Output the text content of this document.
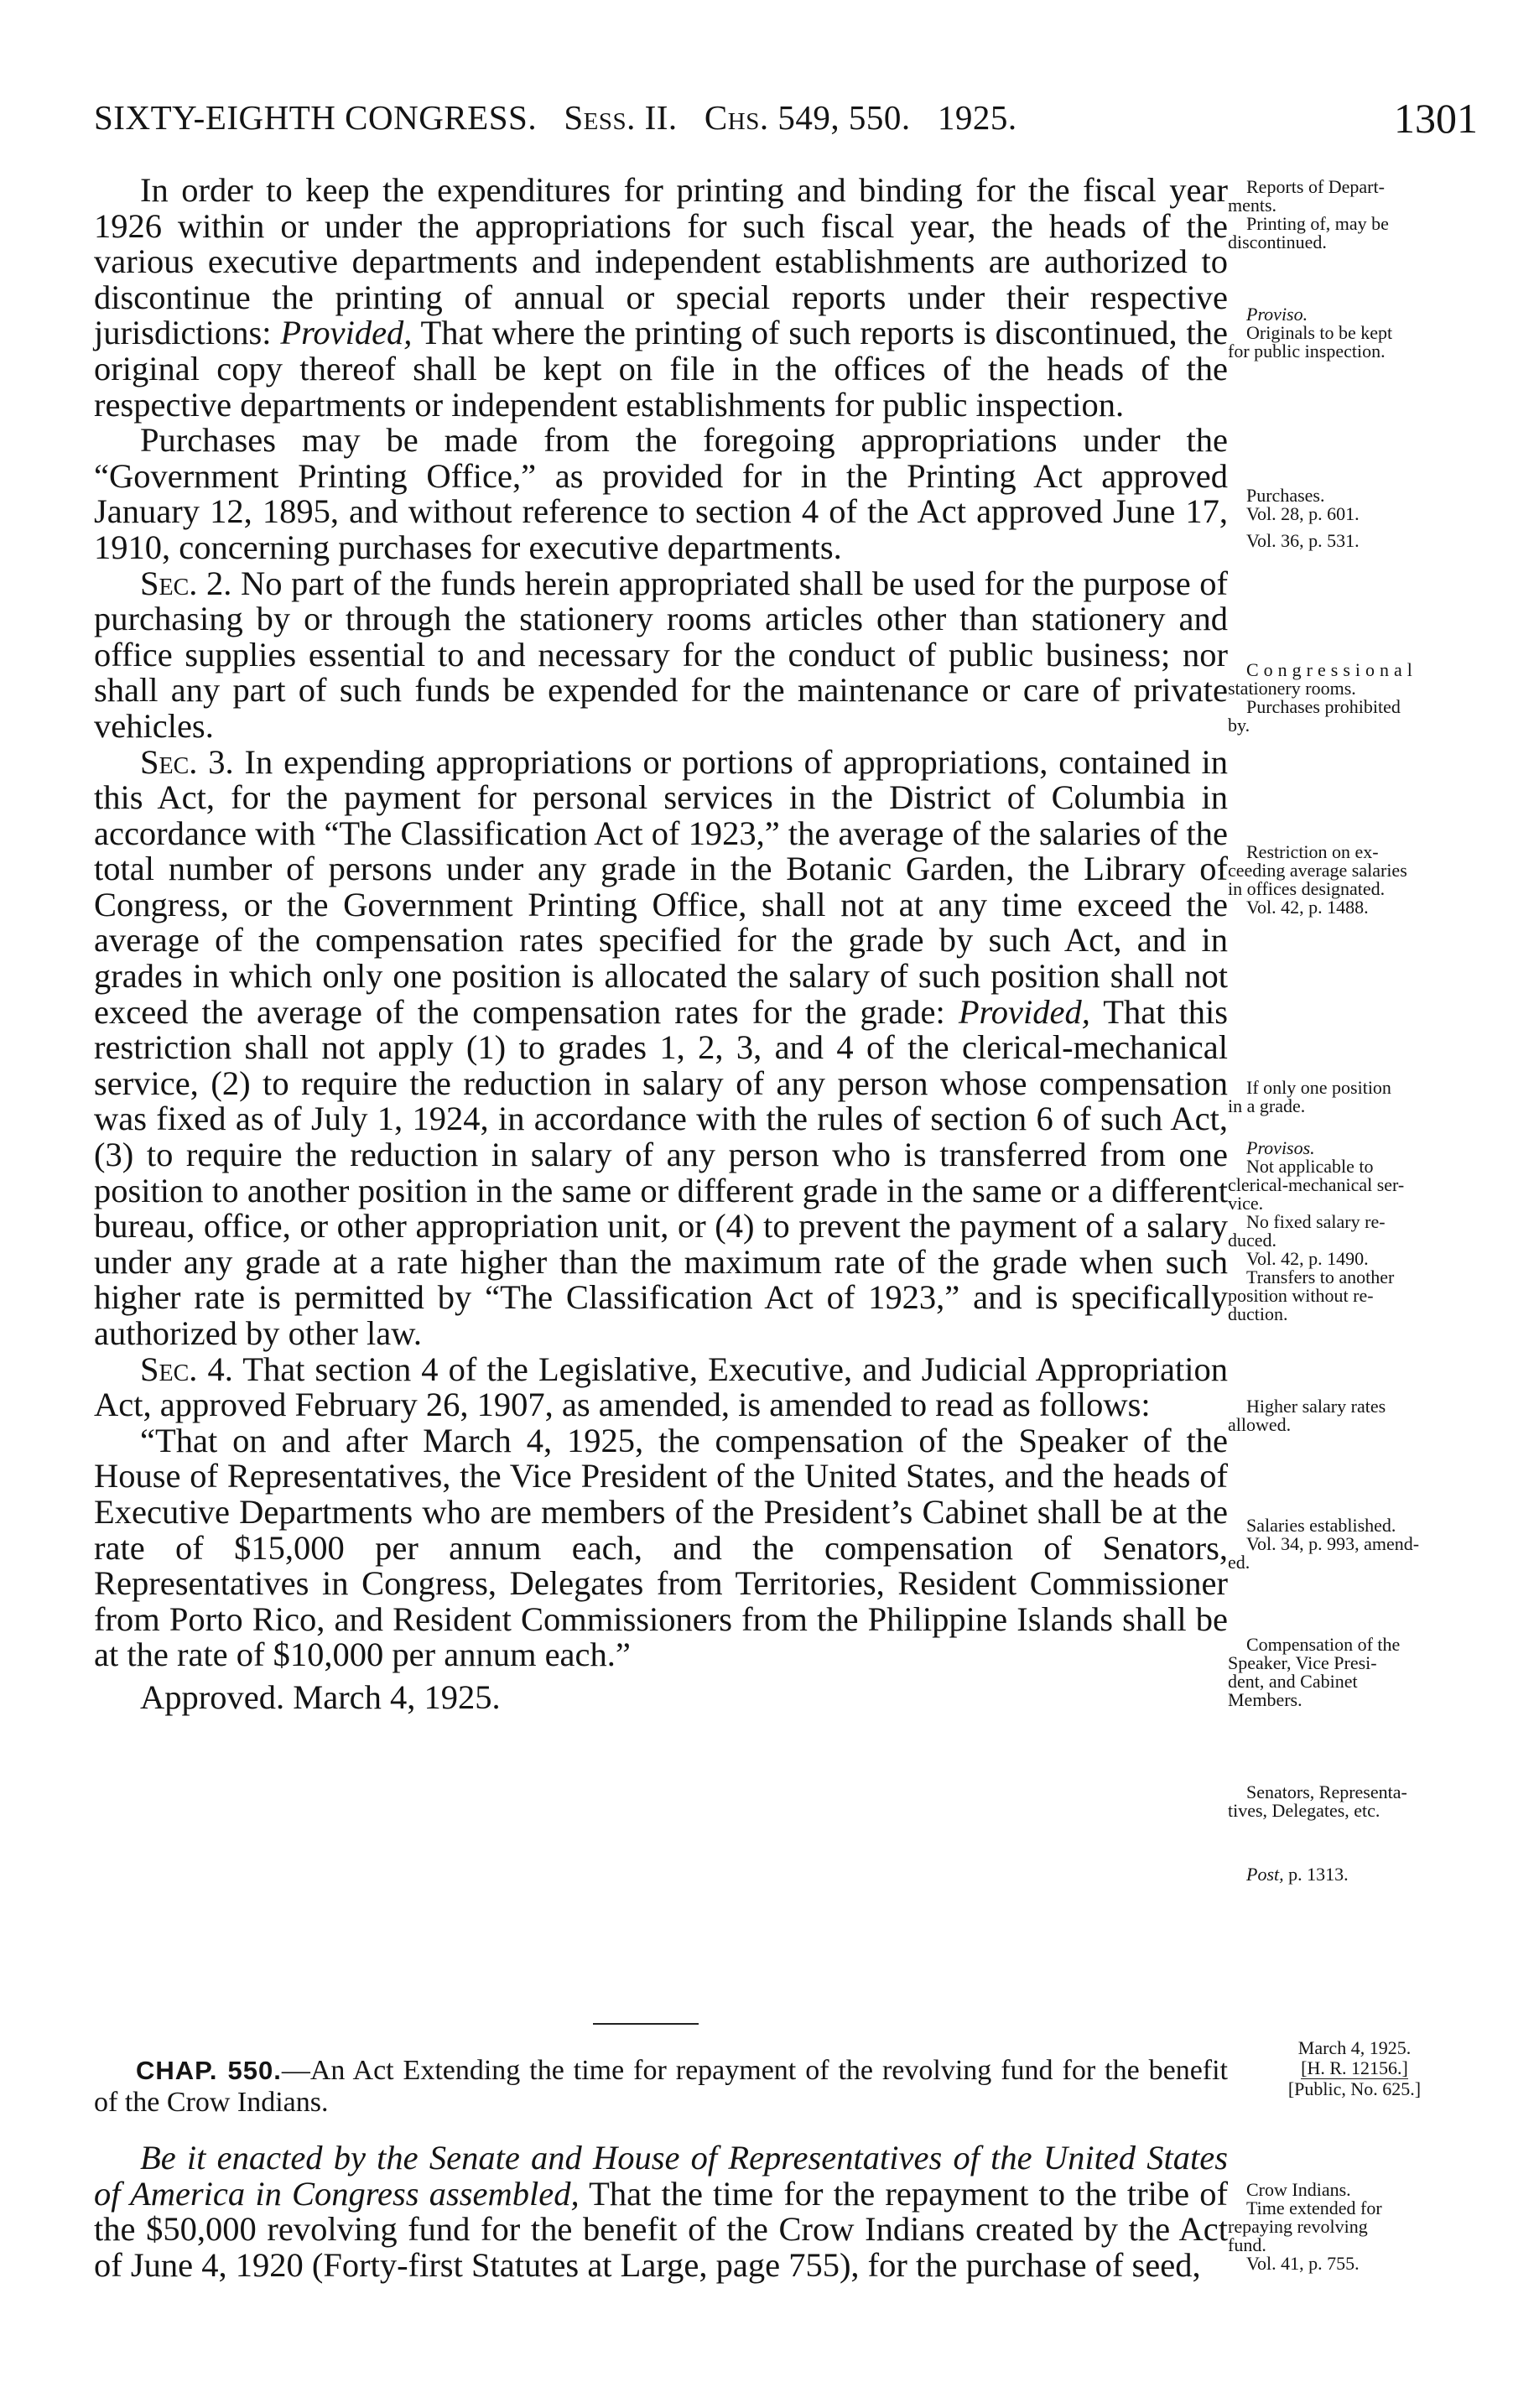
SIXTY-EIGHTH CONGRESS. Sess. II. Chs. 549, 550. 1925.	1301

In order to keep the expenditures for printing and binding for the fiscal year 1926 within or under the appropriations for such fiscal year, the heads of the various executive departments and independent establishments are authorized to discontinue the printing of annual or special reports under their respective jurisdictions: Provided, That where the printing of such reports is discontinued, the original copy thereof shall be kept on file in the offices of the heads of the respective departments or independent establishments for public inspection.

Purchases may be made from the foregoing appropriations under the “Government Printing Office,” as provided for in the Printing Act approved January 12, 1895, and without reference to section 4 of the Act approved June 17, 1910, concerning purchases for executive departments.

Sec. 2. No part of the funds herein appropriated shall be used for the purpose of purchasing by or through the stationery rooms articles other than stationery and office supplies essential to and necessary for the conduct of public business; nor shall any part of such funds be expended for the maintenance or care of private vehicles.

Sec. 3. In expending appropriations or portions of appropriations, contained in this Act, for the payment for personal services in the District of Columbia in accordance with “The Classification Act of 1923,” the average of the salaries of the total number of persons under any grade in the Botanic Garden, the Library of Congress, or the Government Printing Office, shall not at any time exceed the average of the compensation rates specified for the grade by such Act, and in grades in which only one position is allocated the salary of such position shall not exceed the average of the compensation rates for the grade: Provided, That this restriction shall not apply (1) to grades 1, 2, 3, and 4 of the clerical-mechanical service, (2) to require the reduction in salary of any person whose compensation was fixed as of July 1, 1924, in accordance with the rules of section 6 of such Act, (3) to require the reduction in salary of any person who is transferred from one position to another position in the same or different grade in the same or a different bureau, office, or other appropriation unit, or (4) to prevent the payment of a salary under any grade at a rate higher than the maximum rate of the grade when such higher rate is permitted by “The Classification Act of 1923,” and is specifically authorized by other law.

Sec. 4. That section 4 of the Legislative, Executive, and Judicial Appropriation Act, approved February 26, 1907, as amended, is amended to read as follows:

“That on and after March 4, 1925, the compensation of the Speaker of the House of Representatives, the Vice President of the United States, and the heads of Executive Departments who are members of the President’s Cabinet shall be at the rate of $15,000 per annum each, and the compensation of Senators, Representatives in Congress, Delegates from Territories, Resident Commissioner from Porto Rico, and Resident Commissioners from the Philippine Islands shall be at the rate of $10,000 per annum each.”

Approved. March 4, 1925.

March 4, 1925.
[H. R. 12156.]
[Public, No. 625.]

CHAP. 550.—An Act Extending the time for repayment of the revolving fund for the benefit of the Crow Indians.

Be it enacted by the Senate and House of Representatives of the United States of America in Congress assembled, That the time for the repayment to the tribe of the $50,000 revolving fund for the benefit of the Crow Indians created by the Act of June 4, 1920 (Forty-first Statutes at Large, page 755), for the purchase of seed,

Reports of Depart-
ments.
Printing of, may be
discontinued.
Proviso.
Originals to be kept
for public inspection.
Purchases.
Vol. 28, p. 601.
Vol. 36, p. 531.
Congressional
stationery rooms.
Purchases prohibited
by.
Restriction on ex-
ceeding average salaries
in offices designated.
Vol. 42, p. 1488.
If only one position
in a grade.
Provisos.
Not applicable to
clerical-mechanical ser-
vice.
No fixed salary re-
duced.
Vol. 42, p. 1490.
Transfers to another
position without re-
duction.
Higher salary rates
allowed.
Salaries established.
Vol. 34, p. 993, amend-
ed.
Compensation of the
Speaker, Vice Presi-
dent, and Cabinet
Members.
Senators, Representa-
tives, Delegates, etc.
Post, p. 1313.
Crow Indians.
Time extended for
repaying revolving
fund.
Vol. 41, p. 755.
